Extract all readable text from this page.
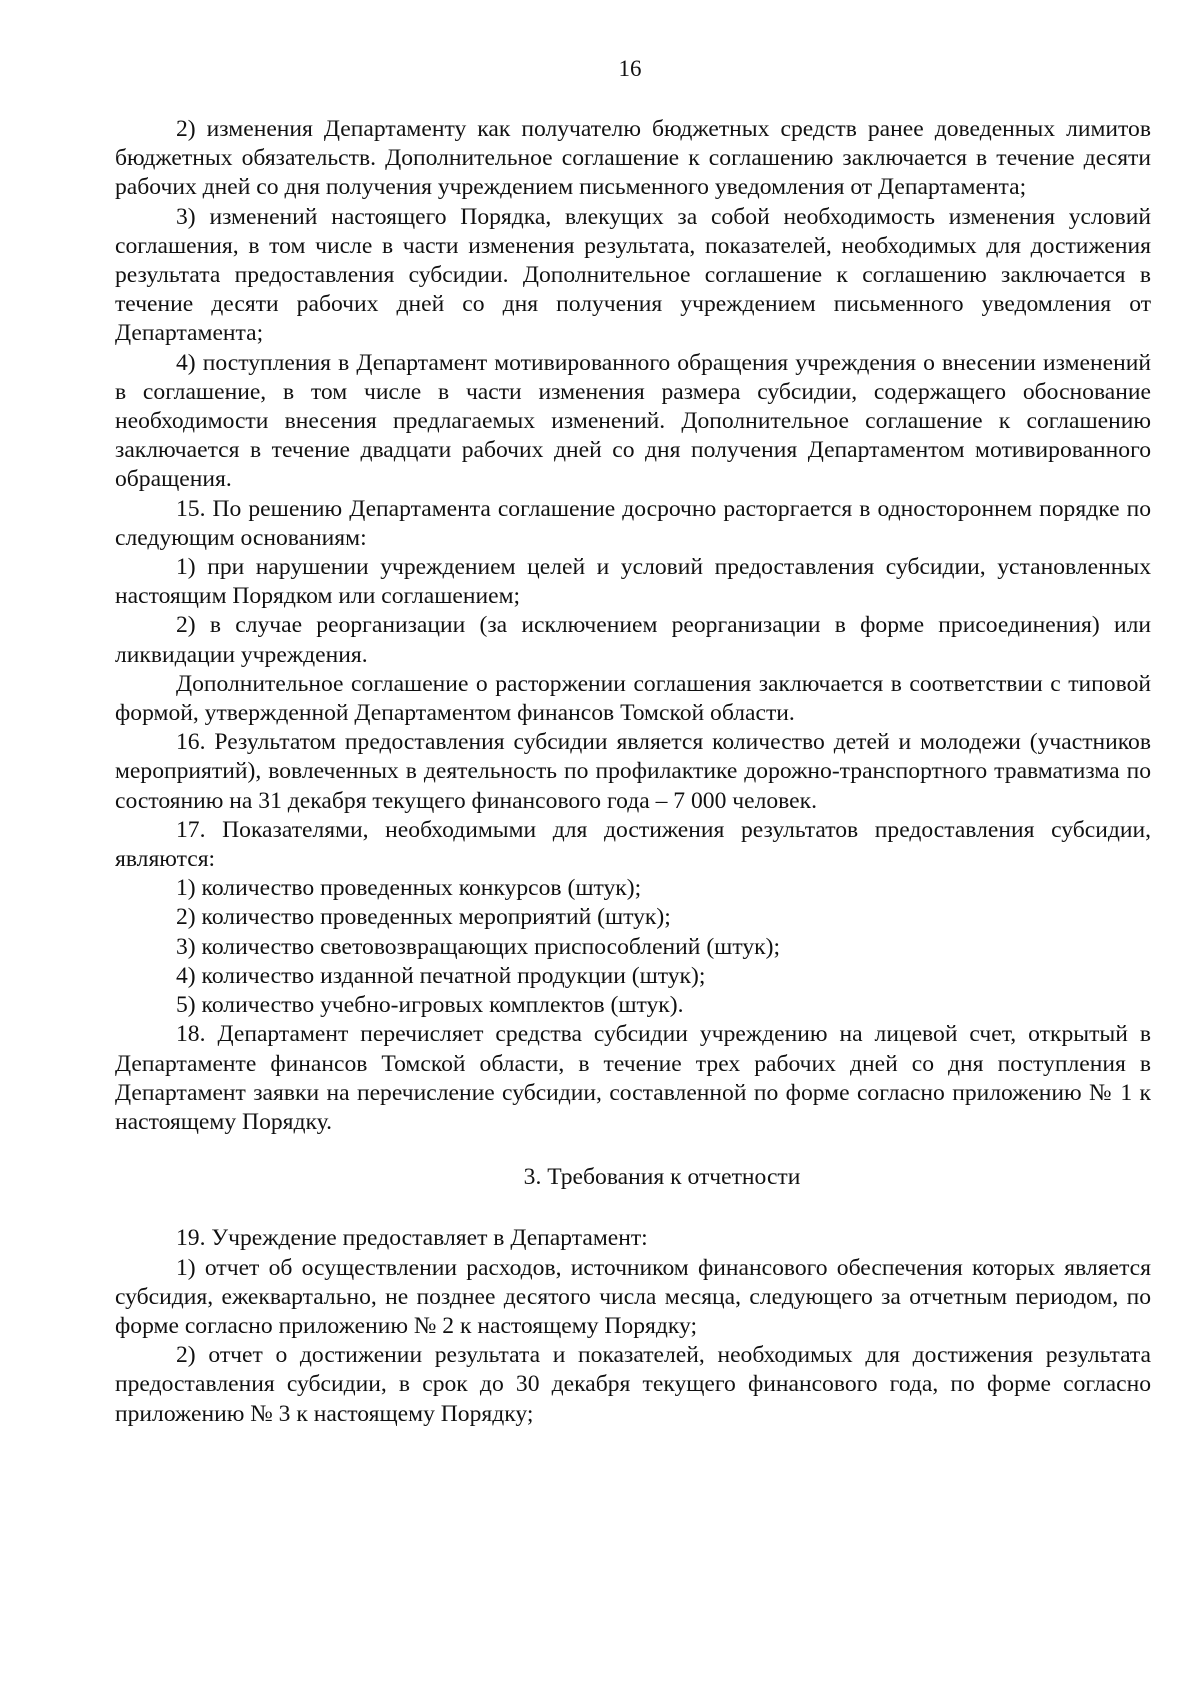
16

2) изменения Департаменту как получателю бюджетных средств ранее доведенных лимитов бюджетных обязательств. Дополнительное соглашение к соглашению заключается в течение десяти рабочих дней со дня получения учреждением письменного уведомления от Департамента;

3) изменений настоящего Порядка, влекущих за собой необходимость изменения условий соглашения, в том числе в части изменения результата, показателей, необходимых для достижения результата предоставления субсидии. Дополнительное соглашение к соглашению заключается в течение десяти рабочих дней со дня получения учреждением письменного уведомления от Департамента;

4) поступления в Департамент мотивированного обращения учреждения о внесении изменений в соглашение, в том числе в части изменения размера субсидии, содержащего обоснование необходимости внесения предлагаемых изменений. Дополнительное соглашение к соглашению заключается в течение двадцати рабочих дней со дня получения Департаментом мотивированного обращения.

15. По решению Департамента соглашение досрочно расторгается в одностороннем порядке по следующим основаниям:

1) при нарушении учреждением целей и условий предоставления субсидии, установленных настоящим Порядком или соглашением;

2) в случае реорганизации (за исключением реорганизации в форме присоединения) или ликвидации учреждения.

Дополнительное соглашение о расторжении соглашения заключается в соответствии с типовой формой, утвержденной Департаментом финансов Томской области.

16. Результатом предоставления субсидии является количество детей и молодежи (участников мероприятий), вовлеченных в деятельность по профилактике дорожно-транспортного травматизма по состоянию на 31 декабря текущего финансового года – 7 000 человек.

17. Показателями, необходимыми для достижения результатов предоставления субсидии, являются:

1) количество проведенных конкурсов (штук);

2) количество проведенных мероприятий (штук);

3) количество световозвращающих приспособлений (штук);

4) количество изданной печатной продукции (штук);

5) количество учебно-игровых комплектов (штук).

18. Департамент перечисляет средства субсидии учреждению на лицевой счет, открытый в Департаменте финансов Томской области, в течение трех рабочих дней со дня поступления в Департамент заявки на перечисление субсидии, составленной по форме согласно приложению № 1 к настоящему Порядку.

3. Требования к отчетности

19. Учреждение предоставляет в Департамент:

1) отчет об осуществлении расходов, источником финансового обеспечения которых является субсидия, ежеквартально, не позднее десятого числа месяца, следующего за отчетным периодом, по форме согласно приложению № 2 к настоящему Порядку;

2) отчет о достижении результата и показателей, необходимых для достижения результата предоставления субсидии, в срок до 30 декабря текущего финансового года, по форме согласно приложению № 3 к настоящему Порядку;
